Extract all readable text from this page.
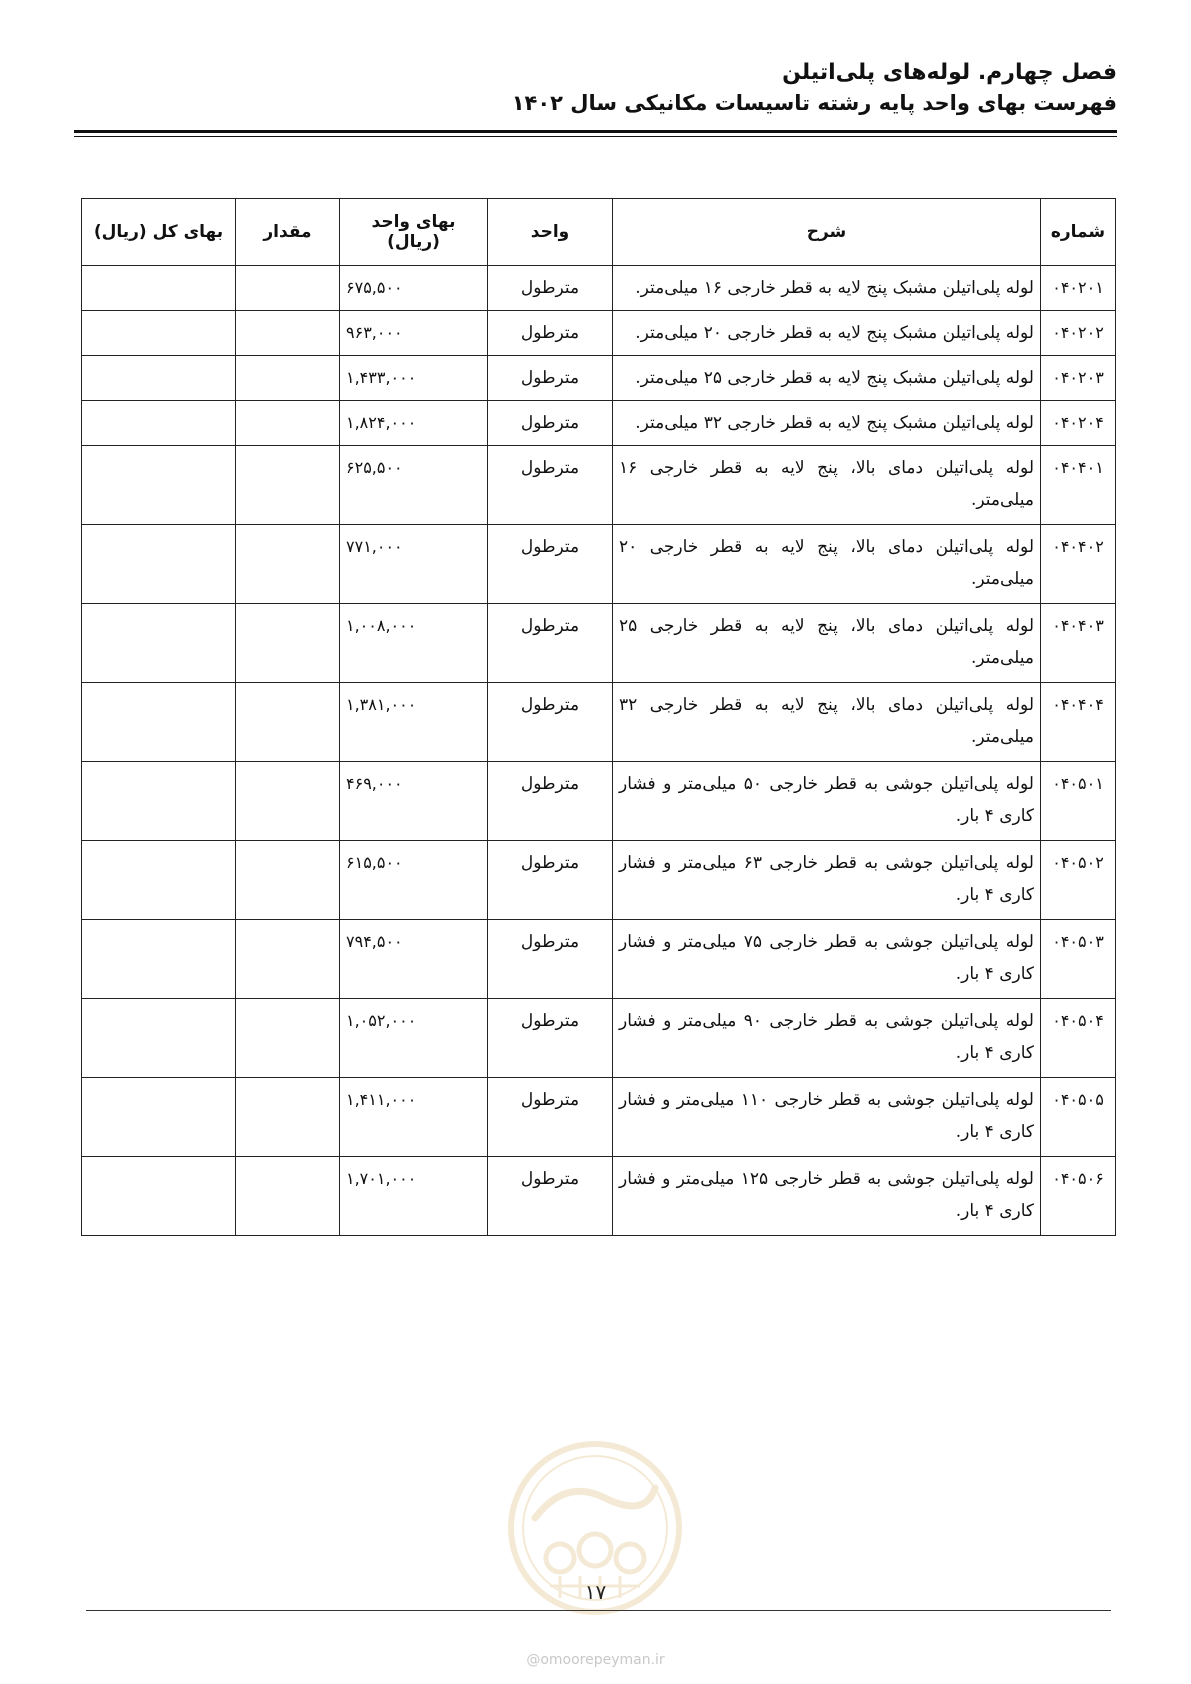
فصل چهارم. لوله‌های پلی‌اتیلن
فهرست بهای واحد پایه رشته تاسیسات مکانیکی سال ۱۴۰۲
شماره	شرح	واحد	بهای واحد (ریال)	مقدار	بهای کل (ریال)
۰۴۰۲۰۱	لوله پلی‌اتیلن مشبک پنج لایه به قطر خارجی ۱۶ میلی‌متر.	مترطول	۶۷۵,۵۰۰		
۰۴۰۲۰۲	لوله پلی‌اتیلن مشبک پنج لایه به قطر خارجی ۲۰ میلی‌متر.	مترطول	۹۶۳,۰۰۰		
۰۴۰۲۰۳	لوله پلی‌اتیلن مشبک پنج لایه به قطر خارجی ۲۵ میلی‌متر.	مترطول	۱,۴۳۳,۰۰۰		
۰۴۰۲۰۴	لوله پلی‌اتیلن مشبک پنج لایه به قطر خارجی ۳۲ میلی‌متر.	مترطول	۱,۸۲۴,۰۰۰		
۰۴۰۴۰۱	لوله پلی‌اتیلن دمای بالا، پنج لایه به قطر خارجی ۱۶ میلی‌متر.	مترطول	۶۲۵,۵۰۰		
۰۴۰۴۰۲	لوله پلی‌اتیلن دمای بالا، پنج لایه به قطر خارجی ۲۰ میلی‌متر.	مترطول	۷۷۱,۰۰۰		
۰۴۰۴۰۳	لوله پلی‌اتیلن دمای بالا، پنج لایه به قطر خارجی ۲۵ میلی‌متر.	مترطول	۱,۰۰۸,۰۰۰		
۰۴۰۴۰۴	لوله پلی‌اتیلن دمای بالا، پنج لایه به قطر خارجی ۳۲ میلی‌متر.	مترطول	۱,۳۸۱,۰۰۰		
۰۴۰۵۰۱	لوله پلی‌اتیلن جوشی به قطر خارجی ۵۰ میلی‌متر و فشار کاری ۴ بار.	مترطول	۴۶۹,۰۰۰		
۰۴۰۵۰۲	لوله پلی‌اتیلن جوشی به قطر خارجی ۶۳ میلی‌متر و فشار کاری ۴ بار.	مترطول	۶۱۵,۵۰۰		
۰۴۰۵۰۳	لوله پلی‌اتیلن جوشی به قطر خارجی ۷۵ میلی‌متر و فشار کاری ۴ بار.	مترطول	۷۹۴,۵۰۰		
۰۴۰۵۰۴	لوله پلی‌اتیلن جوشی به قطر خارجی ۹۰ میلی‌متر و فشار کاری ۴ بار.	مترطول	۱,۰۵۲,۰۰۰		
۰۴۰۵۰۵	لوله پلی‌اتیلن جوشی به قطر خارجی ۱۱۰ میلی‌متر و فشار کاری ۴ بار.	مترطول	۱,۴۱۱,۰۰۰		
۰۴۰۵۰۶	لوله پلی‌اتیلن جوشی به قطر خارجی ۱۲۵ میلی‌متر و فشار کاری ۴ بار.	مترطول	۱,۷۰۱,۰۰۰		
۱۷
@omoorepeyman.ir
